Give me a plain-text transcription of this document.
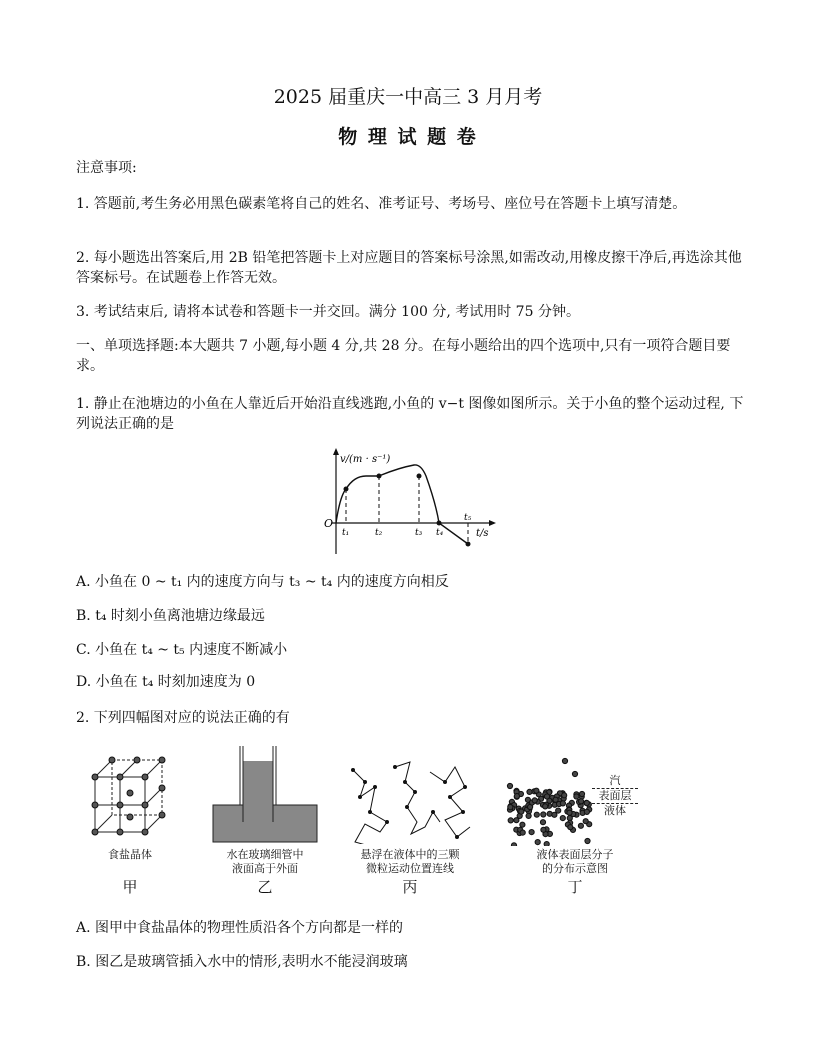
2025 届重庆一中高三 3 月月考
物 理 试 题 卷
注意事项:
1. 答题前,考生务必用黑色碳素笔将自己的姓名、准考证号、考场号、座位号在答题卡上填写清楚。
2. 每小题选出答案后,用 2B 铅笔把答题卡上对应题目的答案标号涂黑,如需改动,用橡皮擦干净后,再选涂其他答案标号。在试题卷上作答无效。
3. 考试结束后, 请将本试卷和答题卡一并交回。满分 100 分, 考试用时 75 分钟。
一、单项选择题:本大题共 7 小题,每小题 4 分,共 28 分。在每小题给出的四个选项中,只有一项符合题目要求。
1. 静止在池塘边的小鱼在人靠近后开始沿直线逃跑,小鱼的 v−t 图像如图所示。关于小鱼的整个运动过程, 下列说法正确的是
v/(m · s⁻¹)
t/s
O
t₁	t₂	t₃ t₄
t₅
A. 小鱼在 0 ~ t₁ 内的速度方向与 t₃ ~ t₄ 内的速度方向相反
B. t₄ 时刻小鱼离池塘边缘最远
C. 小鱼在 t₄ ~ t₅ 内速度不断减小
D. 小鱼在 t₄ 时刻加速度为 0
2. 下列四幅图对应的说法正确的有
食盐晶体
甲
水在玻璃细管中
液面高于外面
乙
悬浮在液体中的三颗
微粒运动位置连线
丙
汽
表面层
液体
液体表面层分子
的分布示意图
丁
A. 图甲中食盐晶体的物理性质沿各个方向都是一样的
B. 图乙是玻璃管插入水中的情形,表明水不能浸润玻璃
